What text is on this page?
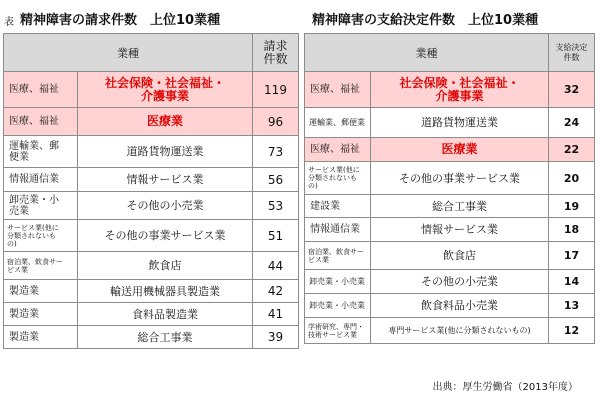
表 精神障害の請求件数　上位10業種
業種		請求件数

医療、福祉	社会保険・社会福祉・介護事業	119

医療、福祉	医療業	96

運輸業、郵便業	道路貨物運送業	73

情報通信業	情報サービス業	56

卸売業・小売業	その他の小売業	53

サービス業(他に分類されないもの)	その他の事業サービス業	51

宿泊業、飲食サービス業	飲食店	44

製造業	輸送用機械器具製造業	42

製造業	食料品製造業	41

製造業	総合工事業	39
精神障害の支給決定件数　上位10業種
業種		支給決定件数

医療、福祉	社会保険・社会福祉・介護事業	32

運輸業、郵便業	道路貨物運送業	24

医療、福祉	医療業	22

サービス業(他に分類されないもの)	その他の事業サービス業	20

建設業	総合工事業	19

情報通信業	情報サービス業	18

宿泊業、飲食サービス業	飲食店	17

卸売業・小売業	その他の小売業	14

卸売業・小売業	飲食料品小売業	13

学術研究、専門・技術サービス業	専門サービス業(他に分類されないもの)	12
出典：厚生労働省（2013年度）
